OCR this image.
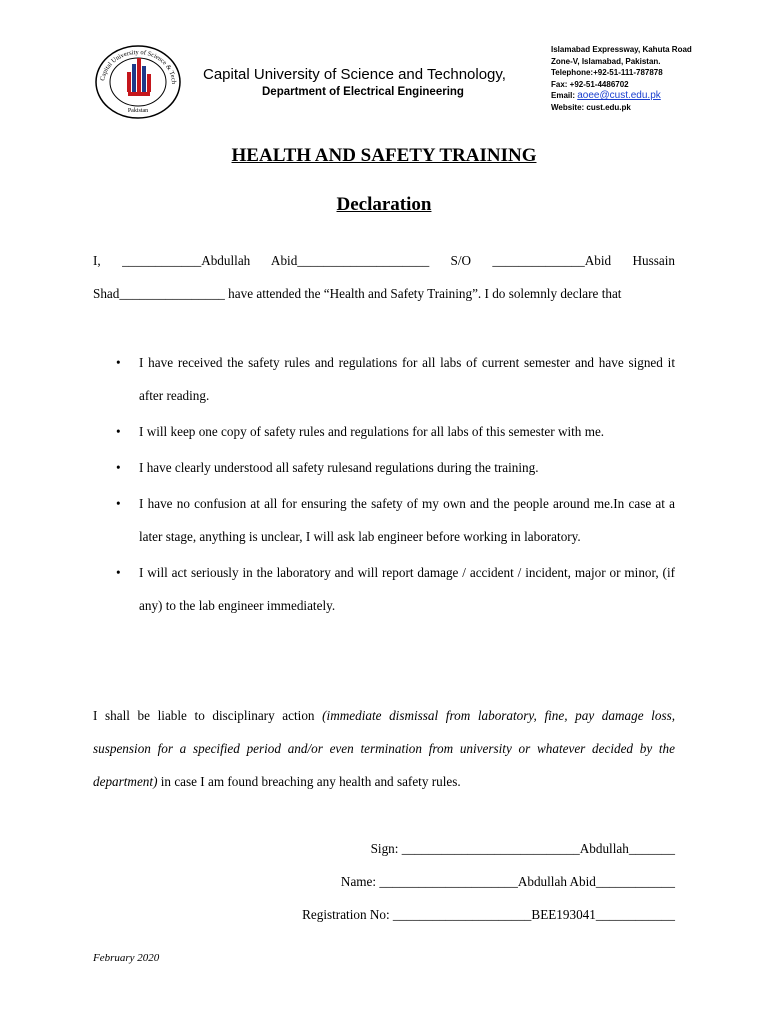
Capital University of Science & Tech
Pakistan
Capital University of Science and Technology,
Department of Electrical Engineering
Islamabad Expressway, Kahuta Road
Zone-V, Islamabad, Pakistan.
Telephone:+92-51-111-787878
Fax: +92-51-4486702
Email: aoee@cust.edu.pk
Website: cust.edu.pk
HEALTH AND SAFETY TRAINING
Declaration
I, ____________Abdullah Abid____________________ S/O ______________Abid Hussain Shad________________ have attended the “Health and Safety Training”. I do solemnly declare that
• I have received the safety rules and regulations for all labs of current semester and have signed it after reading.
• I will keep one copy of safety rules and regulations for all labs of this semester with me.
• I have clearly understood all safety rulesand regulations during the training.
• I have no confusion at all for ensuring the safety of my own and the people around me.In case at a later stage, anything is unclear, I will ask lab engineer before working in laboratory.
• I will act seriously in the laboratory and will report damage / accident / incident, major or minor, (if any) to the lab engineer immediately.
I shall be liable to disciplinary action (immediate dismissal from laboratory, fine, pay damage loss, suspension for a specified period and/or even termination from university or whatever decided by the department) in case I am found breaching any health and safety rules.
Sign: ___________________________Abdullah_______
Name: _____________________Abdullah Abid____________
Registration No: _____________________BEE193041____________
February 2020
